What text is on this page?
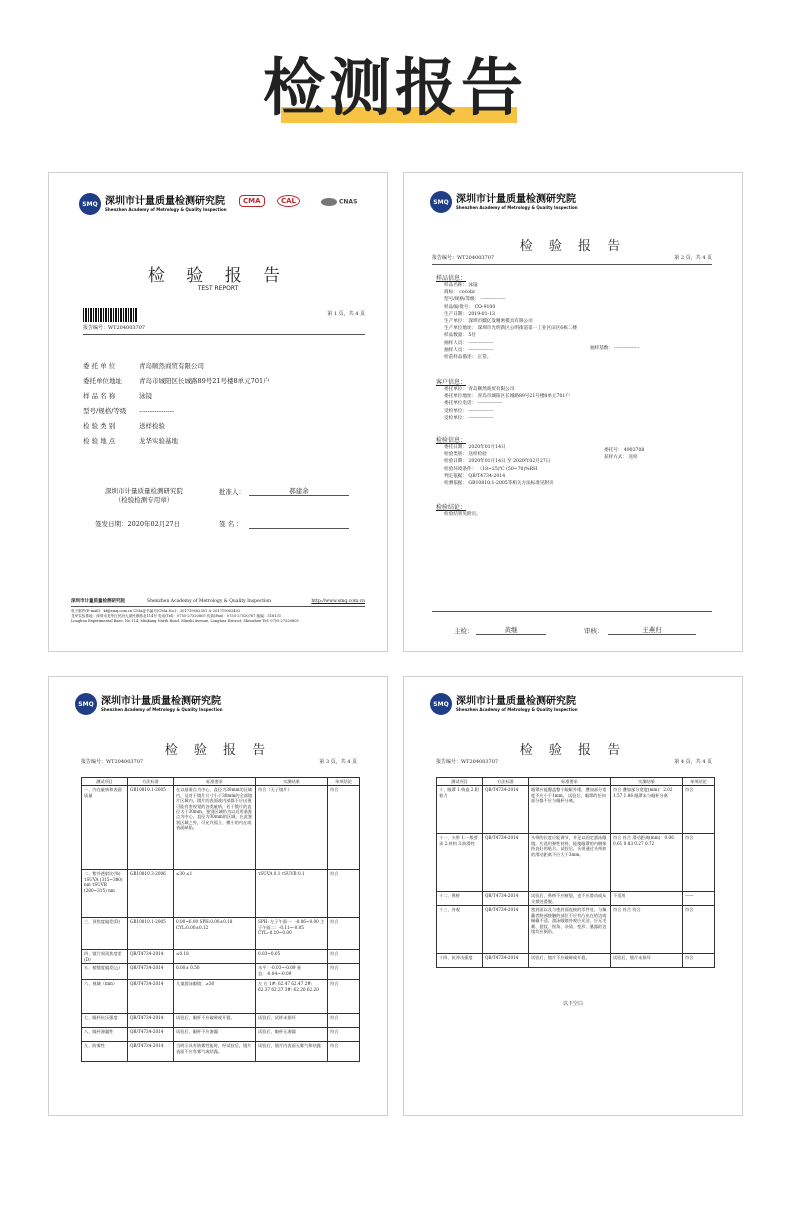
检测报告
SMQ 深圳市计量质量检测研究院
Shenzhen Academy of Metrology & Quality Inspection
CMA	CAL	CNAS
检 验 报 告
TEST REPORT
报告编号：WT204003707
第 1 页，共 4 页
委 托 单 位	青岛顺然商贸有限公司
委托单位地址	青岛市城阳区长城路89号21号楼8单元701户
样 品 名 称	泳镜
型号/规格/等级	----------------
检 验 类 别	送样检验
检 验 地 点	龙华实验基地
深圳市计量质量检测研究院
（检验检测专用章）
批准人：	郝建余
签发日期：2020年02月27日	签 名 ：
深圳市计量质量检测研究院	Shenzhen Academy of Metrology & Quality Inspection	http://www.smq.com.cn
电子邮件(E-mail)：kf@smq.com.cn CMA证书编号(CMA No.)：201719002301 & 201719002402
龙华实验基地：深圳市龙华区民治大道民康路北114号 电话(Tel)：0755-27520805 传真(Fax)：0755-27520767 邮编：518131
Longhua Experimental Base: No.114, Minkang North Road, Minzhi Avenue, Longhua District, Shenzhen Tel: 0755-27520805
SMQ 深圳市计量质量检测研究院
Shenzhen Academy of Metrology & Quality Inspection
检 验 报 告
报告编号：WT204003707	第 2 页，共 4 页
样品信息：
样品名称： 泳镜
商标： cocolic
型号/规格/等级： ----------------
样品编/批号： CO-9100
生产日期： 2019-01-13
生产单位： 深圳市麒亿发精密模具有限公司
生产单位地址： 深圳市光明新区公明街道第一工业区田区6栋二楼
样品数量： 5付
抽样人员： ----------------
抽样人员： ----------------
检前样品描述： 正常。
抽样基数： ----------------
客户信息：
委托单位： 青岛顺然商贸有限公司
委托单位地址： 青岛市城阳区长城路89号21号楼8单元701户
委托单位电话： ----------------
受检单位： ----------------
受检单位： ----------------
检验信息：
委托日期： 2020年01月14日
检验类别： 送样检验
检验日期： 2020年01月14日 至 2020年02月27日
检验环境条件： （18~25)℃ (50~70)%RH
判定依据： QB/T4734-2014
检测依据： GB10810.1-2005等相关方法标准见附页
委托号： 4903708
获样方式： 送样
检验结论：
检验结果见附页。
主检：	黄继	审核：	王燕归
SMQ 深圳市计量质量检测研究院
Shenzhen Academy of Metrology & Quality Inspection
检 验 报 告
报告编号：WT204003707	第 3 页，共 4 页
测试项目	方法标准	标准要求	实测结果	单项结论
一、内在疵病和表面质量	GB10810.1-2005	在以基准点为中心、直径为30mm的区域内，及对于镜片尺寸小于30mm的全部镜片区域内，镜片的表面或内部都不应出现可能有害视觉的各类疵病，若于镜片的直径大于30mm，鉴别区域仍为以近用基准点为中心，直径为30mm的区域，在此鉴别区域之外，可允许孤立、微小的内在或表面缺陷。	符合（无子镜片）	符合
二、紫外透射比(%) τSUVA (315~380) nm τSUVB (280~315) nm	GB10810.3-2006	≤30 ≤1	τSUVA 0.1 τSUVB 0.1	符合
三、顶焦度偏差(D)	GB10810.1-2005	0.00~6.00 SPH:0.00±0.18 CYL:0.00±0.12	SPH: 左子午面一：-0.06~0.00 主子午面二：-0.11~-0.05 CYL:-0.10~0.00	符合
四、镜片间顶焦度差(D)	QB/T4734-2014	≤0.18	0.03~0.05	符合
五、棱镜度偏差(△)	QB/T4734-2014	0.00± 0.50	水平：-0.03~-0.09 垂直：-0.04~-0.09	符合
六、视域（mm）	QB/T4734-2014	儿童游泳眼镜：≥30	左 右 1#: 62.47 62.47 2#: 62.37 62.37 3#: 62.20 62.20	符合
七、眼杯抗压强度	QB/T4734-2014	试验后，眼杯不应破碎或开裂。	试验后，试样未损坏	符合
八、眼杯渗漏性	QB/T4734-2014	试验后，眼杯不应渗漏	试验后，眼杯无渗漏	符合
九、防雾性	QB/T4734-2014	当明示具有防雾性能时，经试验后，镜片表面不应有雾气或结露。	试验后，镜片内表面无雾气和结露	符合
SMQ 深圳市计量质量检测研究院
Shenzhen Academy of Metrology & Quality Inspection
检 验 报 告
报告编号：WT204003707	第 4 页，共 4 页
测试项目	方法标准	标准要求	实测结果	单项结论
十、眼罩 1.构造 2.附着力	QB/T4734-2014	眼罩应能覆盖整个眼眶外缘，叠加部分宽度不应小于1mm。 试验后，眼罩的任何部分都不应与眼杯分离。	符合 叠加部分宽度(mm)：2.02 1.57 1.86 眼罩未与眼杯分离	符合
十一、头带 1.一般要求 2.材料 3.防滑性	QB/T4734-2014	头带的长度应能调节，并足以固定游泳眼镜。应选用弹性材料，能使眼罩的内侧保持良好的贴合。试验后，头带通过头带扣的滑动距离不应大于3mm。	符合 符合 滑动距离(mm)：0.06 0.61 0.83 0.27 0.72	符合
十二、鼻桥	QB/T4734-2014	试验后，鼻桥不应断裂，也不应滑动或从支撑处滑脱。	不适用	——
十三、外观	QB/T4734-2014	密封面以及与密封面连接的零件处，与佩戴者脸部接触的部位不应有凸出在的边或佩戴不适。游泳眼镜外观应光洁，应无毛刺、裂纹、锐角、杂质、变形、暴露的边缘均应倒角。	符合 符合 符合	符合
十四、抗冲击强度	QB/T4734-2014	试验后，镜片不应破碎或开裂。	试验后，镜片未损坏	符合
以下空白
